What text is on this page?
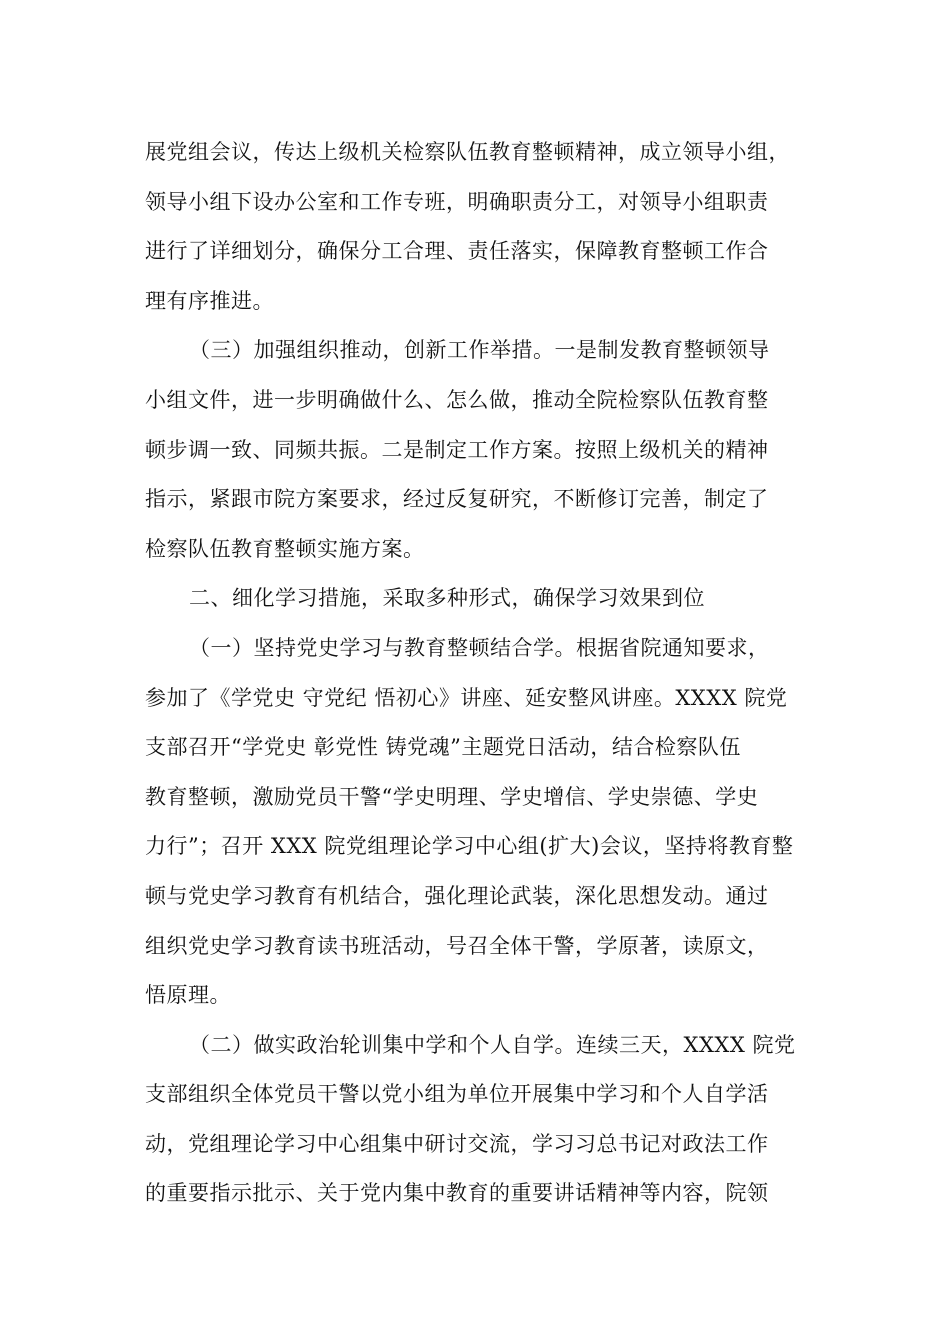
展党组会议，传达上级机关检察队伍教育整顿精神，成立领导小组，
领导小组下设办公室和工作专班，明确职责分工，对领导小组职责
进行了详细划分，确保分工合理、责任落实，保障教育整顿工作合
理有序推进。
（三）加强组织推动，创新工作举措。一是制发教育整顿领导
小组文件，进一步明确做什么、怎么做，推动全院检察队伍教育整
顿步调一致、同频共振。二是制定工作方案。按照上级机关的精神
指示，紧跟市院方案要求，经过反复研究，不断修订完善，制定了
检察队伍教育整顿实施方案。
二、细化学习措施，采取多种形式，确保学习效果到位
（一）坚持党史学习与教育整顿结合学。根据省院通知要求，
参加了《学党史 守党纪 悟初心》讲座、延安整风讲座。XXXX 院党
支部召开“学党史 彰党性 铸党魂”主题党日活动，结合检察队伍
教育整顿，激励党员干警“学史明理、学史增信、学史崇德、学史
力行”；召开 XXX 院党组理论学习中心组(扩大)会议，坚持将教育整
顿与党史学习教育有机结合，强化理论武装，深化思想发动。通过
组织党史学习教育读书班活动，号召全体干警，学原著，读原文，
悟原理。
（二）做实政治轮训集中学和个人自学。连续三天，XXXX 院党
支部组织全体党员干警以党小组为单位开展集中学习和个人自学活
动，党组理论学习中心组集中研讨交流，学习习总书记对政法工作
的重要指示批示、关于党内集中教育的重要讲话精神等内容，院领
